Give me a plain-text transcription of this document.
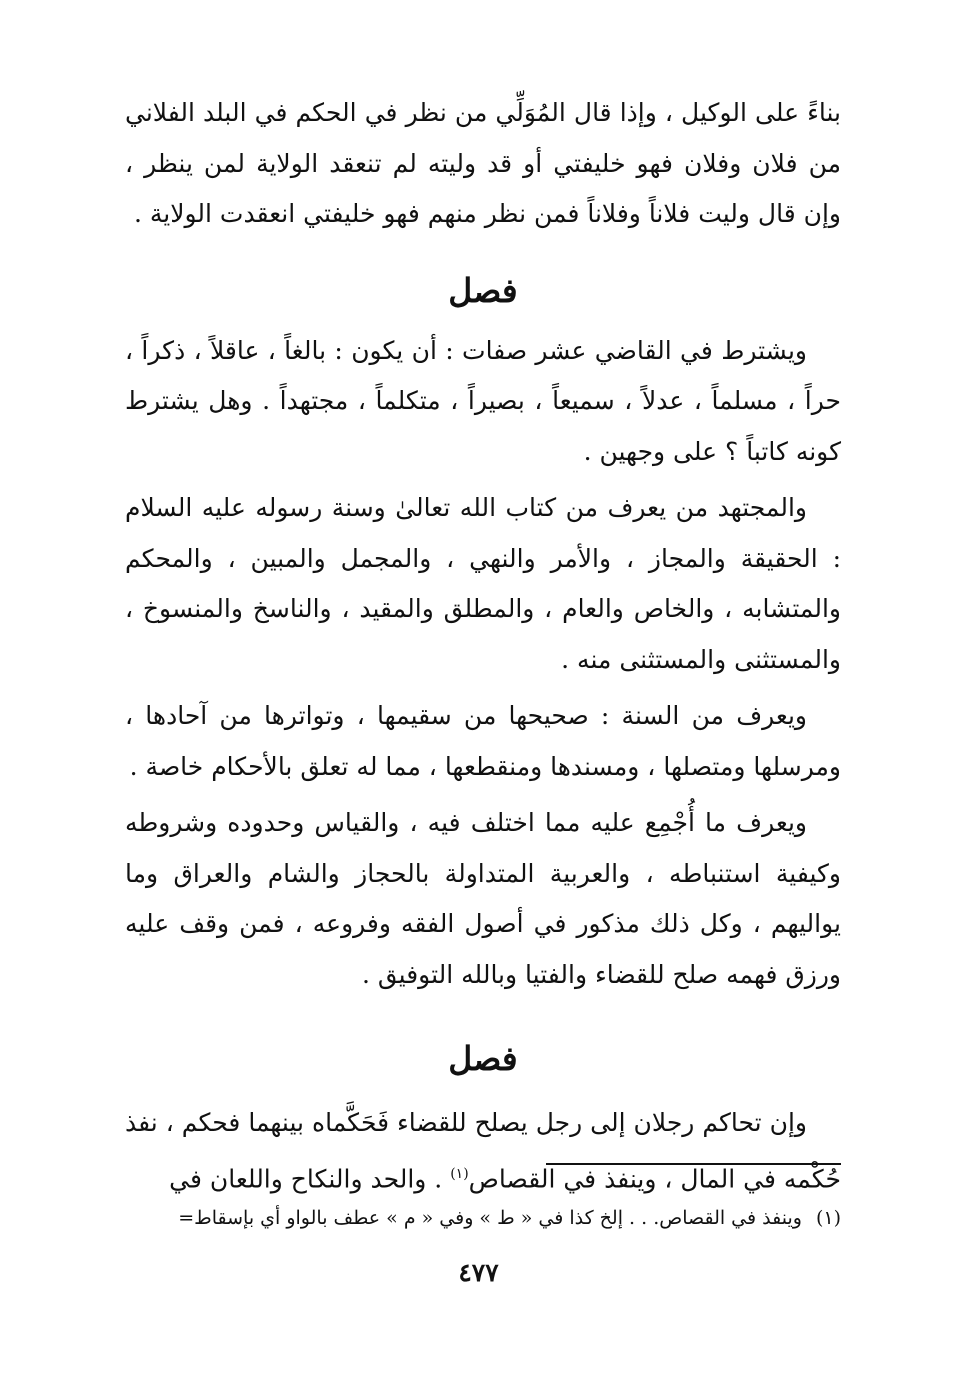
بناءً على الوكيل ، وإذا قال المُوَلِّي من نظر في الحكم في البلد الفلاني من فلان وفلان فهو خليفتي أو قد وليته لم تنعقد الولاية لمن ينظر ، وإن قال وليت فلاناً وفلاناً فمن نظر منهم فهو خليفتي انعقدت الولاية .

فصل

ويشترط في القاضي عشر صفات : أن يكون : بالغاً ، عاقلاً ، ذكراً ، حراً ، مسلماً ، عدلاً ، سميعاً ، بصيراً ، متكلماً ، مجتهداً . وهل يشترط كونه كاتباً ؟ على وجهين .

والمجتهد من يعرف من كتاب الله تعالىٰ وسنة رسوله عليه السلام : الحقيقة والمجاز ، والأمر والنهي ، والمجمل والمبين ، والمحكم والمتشابه ، والخاص والعام ، والمطلق والمقيد ، والناسخ والمنسوخ ، والمستثنى والمستثنى منه .

ويعرف من السنة : صحيحها من سقيمها ، وتواترها من آحادها ، ومرسلها ومتصلها ، ومسندها ومنقطعها ، مما له تعلق بالأحكام خاصة .

ويعرف ما أُجْمِع عليه مما اختلف فيه ، والقياس وحدوده وشروطه وكيفية استنباطه ، والعربية المتداولة بالحجاز والشام والعراق وما يواليهم ، وكل ذلك مذكور في أصول الفقه وفروعه ، فمن وقف عليه ورزق فهمه صلح للقضاء والفتيا وبالله التوفيق .

فصل

وإن تحاكم رجلان إلى رجل يصلح للقضاء فَحَكَّماه بينهما فحكم ، نفذ حُكْمه في المال ، وينفذ في القصاص$^{(١)}$ . والحد والنكاح واللعان في

(١)وينفذ في القصاص. . . إلخ كذا في « ط » وفي « م » عطف بالواو أي بإسقاط=
٤٧٧
